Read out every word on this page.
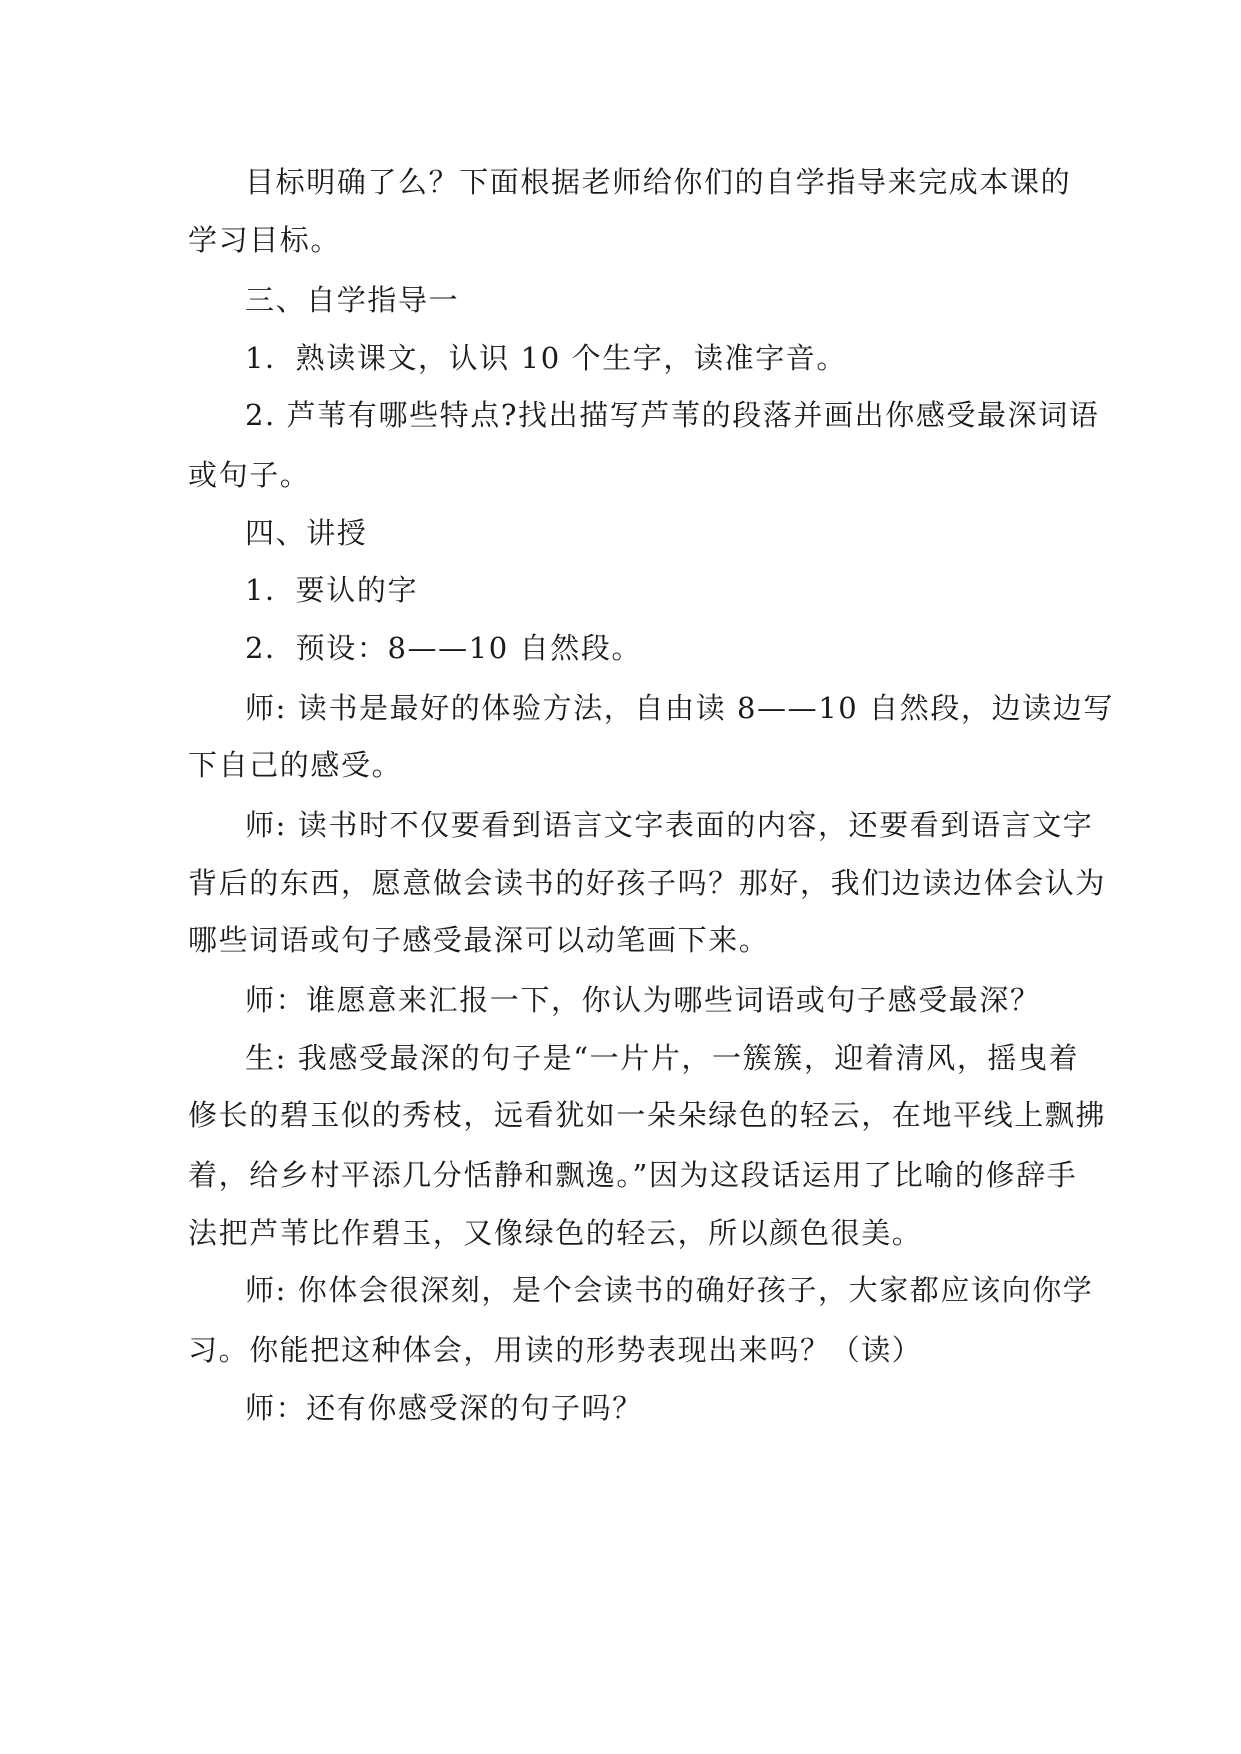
目标明确了么？下面根据老师给你们的自学指导来完成本课的
学习目标。
三、自学指导一
1．熟读课文，认识 10 个生字，读准字音。
2. 芦苇有哪些特点?找出描写芦苇的段落并画出你感受最深词语
或句子。
四、讲授
1．要认的字
2．预设：8——10 自然段。
师: 读书是最好的体验方法，自由读 8——10 自然段，边读边写
下自己的感受。
师: 读书时不仅要看到语言文字表面的内容，还要看到语言文字
背后的东西，愿意做会读书的好孩子吗？那好，我们边读边体会认为
哪些词语或句子感受最深可以动笔画下来。
师：谁愿意来汇报一下，你认为哪些词语或句子感受最深？
生: 我感受最深的句子是“一片片，一簇簇，迎着清风，摇曳着
修长的碧玉似的秀枝，远看犹如一朵朵绿色的轻云，在地平线上飘拂
着，给乡村平添几分恬静和飘逸。”因为这段话运用了比喻的修辞手
法把芦苇比作碧玉，又像绿色的轻云，所以颜色很美。
师: 你体会很深刻，是个会读书的确好孩子，大家都应该向你学
习。你能把这种体会，用读的形势表现出来吗？（读）
师：还有你感受深的句子吗？
